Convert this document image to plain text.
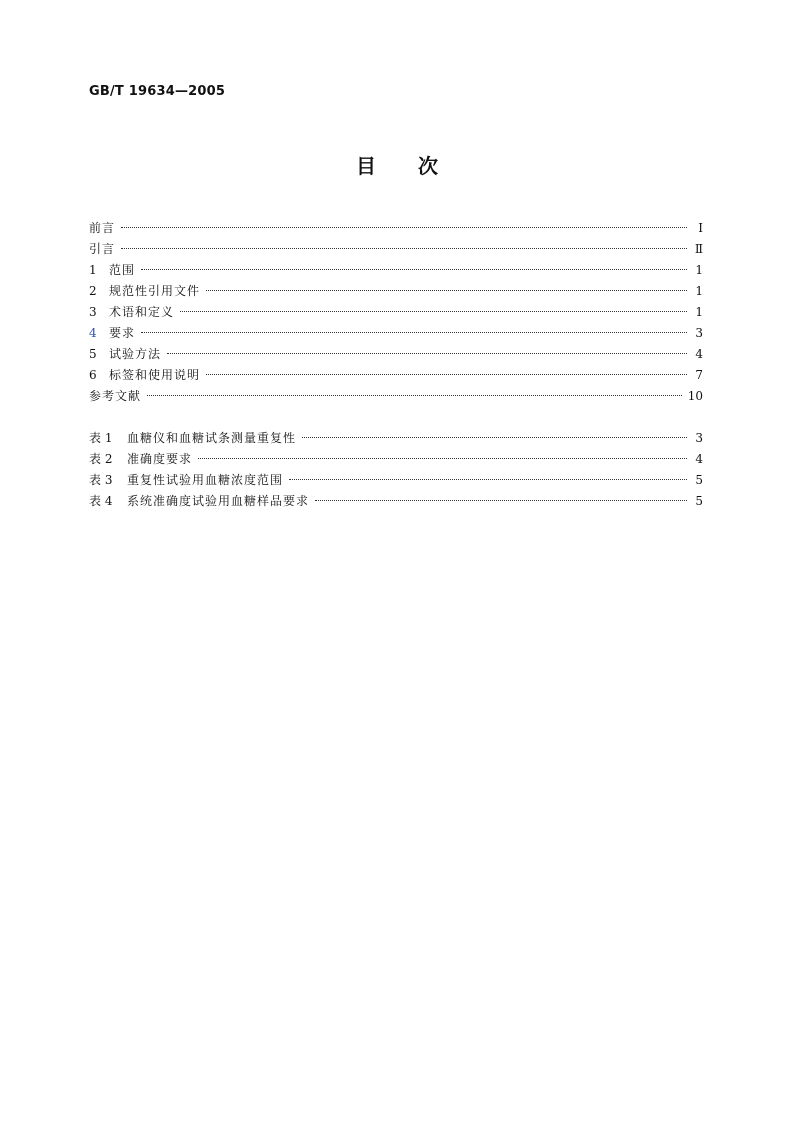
GB/T 19634—2005
目 次
前言	Ⅰ
引言	Ⅱ
1	范围	1
2	规范性引用文件	1
3	术语和定义	1
4	要求	3
5	试验方法	4
6	标签和使用说明	7
参考文献	10
表 1	血糖仪和血糖试条测量重复性	3
表 2	准确度要求	4
表 3	重复性试验用血糖浓度范围	5
表 4	系统准确度试验用血糖样品要求	5
